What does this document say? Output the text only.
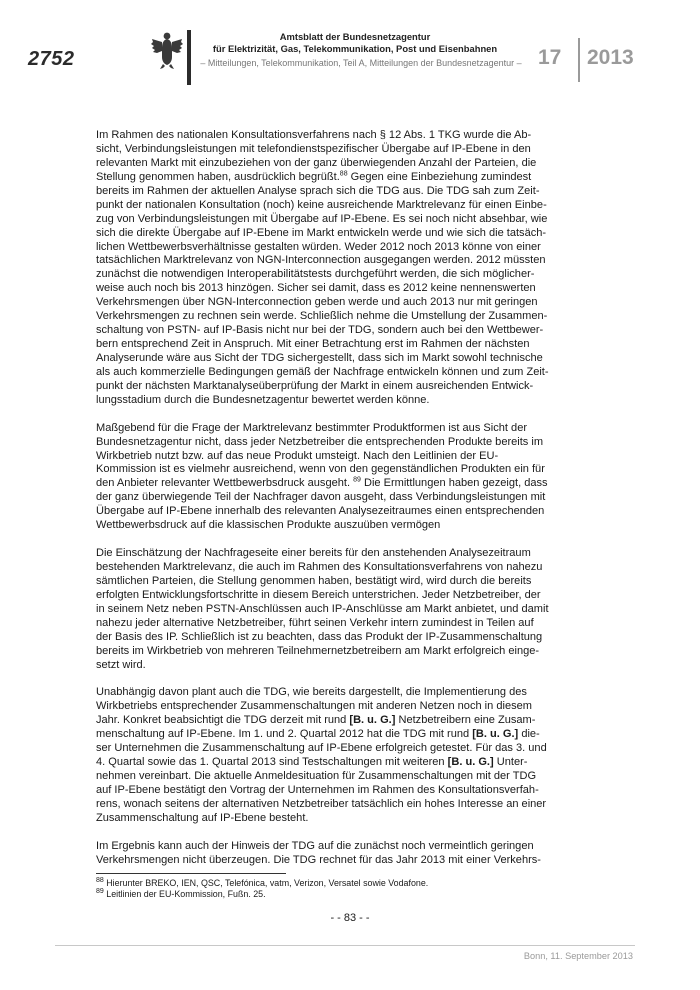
2752
Amtsblatt der Bundesnetzagentur
für Elektrizität, Gas, Telekommunikation, Post und Eisenbahnen
– Mitteilungen, Telekommunikation, Teil A, Mitteilungen der Bundesnetzagentur – 17 2013

Im Rahmen des nationalen Konsultationsverfahrens nach § 12 Abs. 1 TKG wurde die Ab-
sicht, Verbindungsleistungen mit telefondienstspezifischer Übergabe auf IP-Ebene in den
relevanten Markt mit einzubeziehen von der ganz überwiegenden Anzahl der Parteien, die
Stellung genommen haben, ausdrücklich begrüßt.$^{88}$ Gegen eine Einbeziehung zumindest
bereits im Rahmen der aktuellen Analyse sprach sich die TDG aus. Die TDG sah zum Zeit-
punkt der nationalen Konsultation (noch) keine ausreichende Marktrelevanz für einen Einbe-
zug von Verbindungsleistungen mit Übergabe auf IP-Ebene. Es sei noch nicht absehbar, wie
sich die direkte Übergabe auf IP-Ebene im Markt entwickeln werde und wie sich die tatsäch-
lichen Wettbewerbsverhältnisse gestalten würden. Weder 2012 noch 2013 könne von einer
tatsächlichen Marktrelevanz von NGN-Interconnection ausgegangen werden. 2012 müssten
zunächst die notwendigen Interoperabilitätstests durchgeführt werden, die sich möglicher-
weise auch noch bis 2013 hinzögen. Sicher sei damit, dass es 2012 keine nennenswerten
Verkehrsmengen über NGN-Interconnection geben werde und auch 2013 nur mit geringen
Verkehrsmengen zu rechnen sein werde. Schließlich nehme die Umstellung der Zusammen-
schaltung von PSTN- auf IP-Basis nicht nur bei der TDG, sondern auch bei den Wettbewer-
bern entsprechend Zeit in Anspruch. Mit einer Betrachtung erst im Rahmen der nächsten
Analyserunde wäre aus Sicht der TDG sichergestellt, dass sich im Markt sowohl technische
als auch kommerzielle Bedingungen gemäß der Nachfrage entwickeln können und zum Zeit-
punkt der nächsten Marktanalyseüberprüfung der Markt in einem ausreichenden Entwick-
lungsstadium durch die Bundesnetzagentur bewertet werden könne.

Maßgebend für die Frage der Marktrelevanz bestimmter Produktformen ist aus Sicht der
Bundesnetzagentur nicht, dass jeder Netzbetreiber die entsprechenden Produkte bereits im
Wirkbetrieb nutzt bzw. auf das neue Produkt umsteigt. Nach den Leitlinien der EU-
Kommission ist es vielmehr ausreichend, wenn von den gegenständlichen Produkten ein für
den Anbieter relevanter Wettbewerbsdruck ausgeht. $^{89}$ Die Ermittlungen haben gezeigt, dass
der ganz überwiegende Teil der Nachfrager davon ausgeht, dass Verbindungsleistungen mit
Übergabe auf IP-Ebene innerhalb des relevanten Analysezeitraumes einen entsprechenden
Wettbewerbsdruck auf die klassischen Produkte auszuüben vermögen

Die Einschätzung der Nachfrageseite einer bereits für den anstehenden Analysezeitraum
bestehenden Marktrelevanz, die auch im Rahmen des Konsultationsverfahrens von nahezu
sämtlichen Parteien, die Stellung genommen haben, bestätigt wird, wird durch die bereits
erfolgten Entwicklungsfortschritte in diesem Bereich unterstrichen. Jeder Netzbetreiber, der
in seinem Netz neben PSTN-Anschlüssen auch IP-Anschlüsse am Markt anbietet, und damit
nahezu jeder alternative Netzbetreiber, führt seinen Verkehr intern zumindest in Teilen auf
der Basis des IP. Schließlich ist zu beachten, dass das Produkt der IP-Zusammenschaltung
bereits im Wirkbetrieb von mehreren Teilnehmernetzbetreibern am Markt erfolgreich einge-
setzt wird.

Unabhängig davon plant auch die TDG, wie bereits dargestellt, die Implementierung des
Wirkbetriebs entsprechender Zusammenschaltungen mit anderen Netzen noch in diesem
Jahr. Konkret beabsichtigt die TDG derzeit mit rund [B. u. G.] Netzbetreibern eine Zusam-
menschaltung auf IP-Ebene. Im 1. und 2. Quartal 2012 hat die TDG mit rund [B. u. G.] die-
ser Unternehmen die Zusammenschaltung auf IP-Ebene erfolgreich getestet. Für das 3. und
4. Quartal sowie das 1. Quartal 2013 sind Testschaltungen mit weiteren [B. u. G.] Unter-
nehmen vereinbart. Die aktuelle Anmeldesituation für Zusammenschaltungen mit der TDG
auf IP-Ebene bestätigt den Vortrag der Unternehmen im Rahmen des Konsultationsverfah-
rens, wonach seitens der alternativen Netzbetreiber tatsächlich ein hohes Interesse an einer
Zusammenschaltung auf IP-Ebene besteht.

Im Ergebnis kann auch der Hinweis der TDG auf die zunächst noch vermeintlich geringen
Verkehrsmengen nicht überzeugen. Die TDG rechnet für das Jahr 2013 mit einer Verkehrs-

$^{88}$ Hierunter BREKO, IEN, QSC, Telefónica, vatm, Verizon, Versatel sowie Vodafone.
$^{89}$ Leitlinien der EU-Kommission, Fußn. 25.
- - 83 - -
Bonn, 11. September 2013
